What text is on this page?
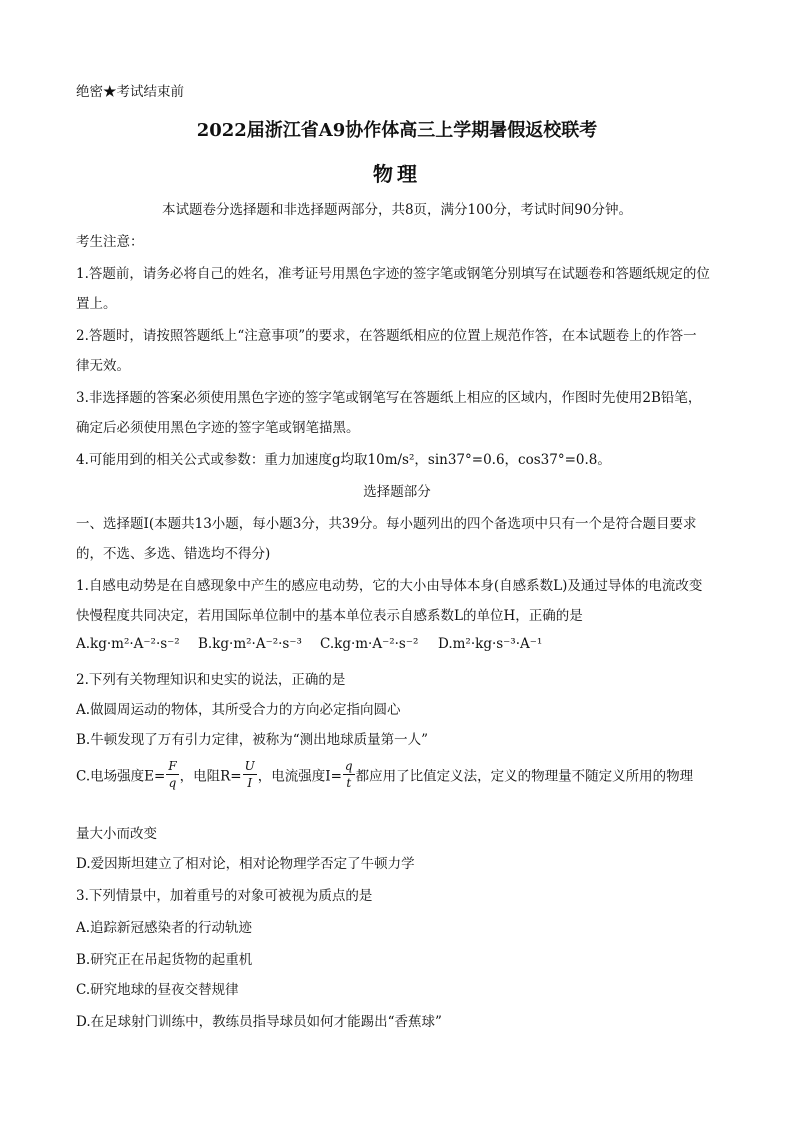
绝密★考试结束前
2022届浙江省A9协作体高三上学期暑假返校联考
物理
本试题卷分选择题和非选择题两部分，共8页，满分100分，考试时间90分钟。
考生注意：
1.答题前，请务必将自己的姓名，准考证号用黑色字迹的签字笔或钢笔分别填写在试题卷和答题纸规定的位
置上。
2.答题时，请按照答题纸上“注意事项”的要求，在答题纸相应的位置上规范作答，在本试题卷上的作答一
律无效。
3.非选择题的答案必须使用黑色字迹的签字笔或钢笔写在答题纸上相应的区域内，作图时先使用2B铅笔，
确定后必须使用黑色字迹的签字笔或钢笔描黑。
4.可能用到的相关公式或参数：重力加速度g均取10m/s²，sin37°=0.6，cos37°=0.8。
选择题部分
一、选择题Ⅰ(本题共13小题，每小题3分，共39分。每小题列出的四个备选项中只有一个是符合题目要求
的，不选、多选、错选均不得分)
1.自感电动势是在自感现象中产生的感应电动势，它的大小由导体本身(自感系数L)及通过导体的电流改变
快慢程度共同决定，若用国际单位制中的基本单位表示自感系数L的单位H，正确的是
A.kg·m²·A⁻²·s⁻² B.kg·m²·A⁻²·s⁻³ C.kg·m·A⁻²·s⁻² D.m²·kg·s⁻³·A⁻¹
2.下列有关物理知识和史实的说法，正确的是
A.做圆周运动的物体，其所受合力的方向必定指向圆心
B.牛顿发现了万有引力定律，被称为“测出地球质量第一人”
C.电场强度$E= \frac{F}{q}$ ，电阻$R= \frac{U}{I}$ ，电流强度$I= \frac{q}{t}$ 都应用了比值定义法，定义的物理量不随定义所用的物理
量大小而改变
D.爱因斯坦建立了相对论，相对论物理学否定了牛顿力学
3.下列情景中，加着重号的对象可被视为质点的是
A.追踪新冠感染者的行动轨迹
B.研究正在吊起货物的起重机
C.研究地球的昼夜交替规律
D.在足球射门训练中，教练员指导球员如何才能踢出“香蕉球”
